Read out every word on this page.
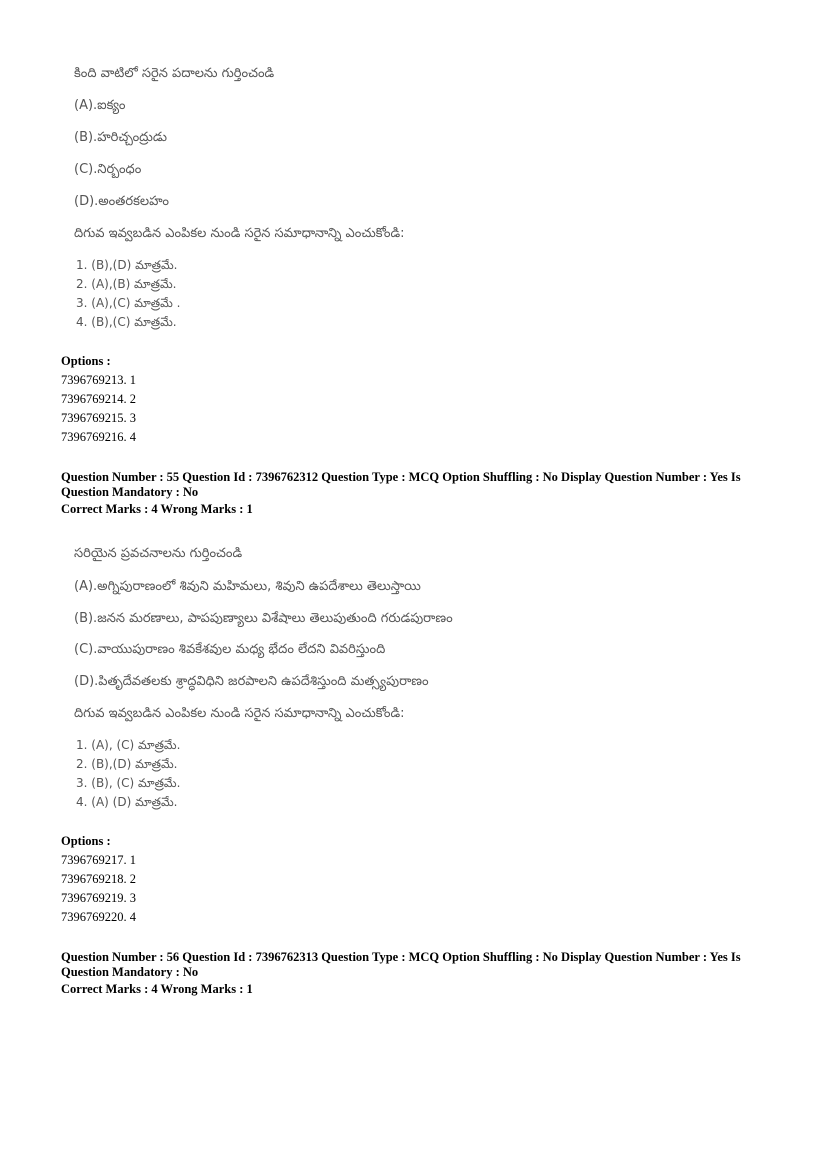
కింది వాటిలో సరైన పదాలను గుర్తించండి
(A).ఐక్యం
(B).హరిచ్చంద్రుడు
(C).నిర్బంధం
(D).అంతరకలహం
దిగువ ఇవ్వబడిన ఎంపికల నుండి సరైన సమాధానాన్ని ఎంచుకోండి:
1. (B),(D) మాత్రమే.
2. (A),(B) మాత్రమే.
3. (A),(C) మాత్రమే .
4. (B),(C) మాత్రమే.
Options :
7396769213. 1
7396769214. 2
7396769215. 3
7396769216. 4
Question Number : 55 Question Id : 7396762312 Question Type : MCQ Option Shuffling : No Display Question Number : Yes Is Question Mandatory : No
Correct Marks : 4 Wrong Marks : 1
సరియైన ప్రవచనాలను గుర్తించండి
(A).అగ్నిపురాణంలో శివుని మహిమలు, శివుని ఉపదేశాలు తెలుస్తాయి
(B).జనన మరణాలు, పాపపుణ్యాలు విశేషాలు తెలుపుతుంది గరుడపురాణం
(C).వాయుపురాణం శివకేశవుల మధ్య భేదం లేదని వివరిస్తుంది
(D).పితృదేవతలకు శ్రాద్ధవిధిని జరపాలని ఉపదేశిస్తుంది మత్స్యపురాణం
దిగువ ఇవ్వబడిన ఎంపికల నుండి సరైన సమాధానాన్ని ఎంచుకోండి:
1. (A), (C) మాత్రమే.
2. (B),(D) మాత్రమే.
3. (B), (C) మాత్రమే.
4. (A) (D) మాత్రమే.
Options :
7396769217. 1
7396769218. 2
7396769219. 3
7396769220. 4
Question Number : 56 Question Id : 7396762313 Question Type : MCQ Option Shuffling : No Display Question Number : Yes Is Question Mandatory : No
Correct Marks : 4 Wrong Marks : 1
